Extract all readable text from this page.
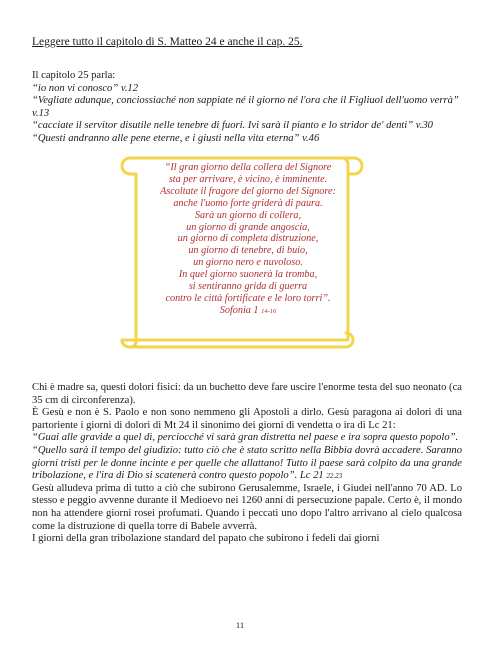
Leggere tutto il capitolo di S. Matteo 24 e anche il cap. 25.
Il capitolo 25 parla:
“io non vi conosco” v.12
“Vegliate adunque, conciossiaché non sappiate né il giorno né l'ora che il Figliuol dell'uomo verrà” v.13
“cacciate il servitor disutile nelle tenebre di fuori. Ivi sarà il pianto e lo stridor de' denti” v.30
“Questi andranno alle pene eterne, e i giusti nella vita eterna” v.46
“Il gran giorno della collera del Signore
sta per arrivare, è vicino, è imminente.
Ascoltate il fragore del giorno del Signore:
anche l'uomo forte griderà di paura.
Sarà un giorno di collera,
un giorno di grande angoscia,
un giorno di completa distruzione,
un giorno di tenebre, di buio,
un giorno nero e nuvoloso.
In quel giorno suonerà la tromba,
si sentiranno grida di guerra
contro le città fortificate e le loro torri”.
Sofonia 1 14-16
Chi è madre sa, questi dolori fisici: da un buchetto deve fare uscire l'enorme testa del suo neonato (ca 35 cm di circonferenza).
È Gesù e non è S. Paolo e non sono nemmeno gli Apostoli a dirlo. Gesù paragona ai dolori di una partoriente i giorni di dolori di Mt 24 il sinonimo dei giorni di vendetta o ira di Lc 21:
“Guai alle gravide a quel dì, perciocché vi sarà gran distretta nel paese e ira sopra questo popolo”.
“Quello sarà il tempo del giudizio: tutto ciò che è stato scritto nella Bibbia dovrà accadere. Saranno giorni tristi per le donne incinte e per quelle che allattano! Tutto il paese sarà colpito da una grande tribolazione, e l'ira di Dio si scatenerà contro questo popolo”. Lc 21 22.23
Gesù alludeva prima di tutto a ciò che subirono Gerusalemme, Israele, i Giudei nell'anno 70 AD. Lo stesso e peggio avvenne durante il Medioevo nei 1260 anni di persecuzione papale. Certo è, il mondo non ha attendere giorni rosei profumati. Quando i peccati uno dopo l'altro arrivano al cielo qualcosa come la distruzione di quella torre di Babele avverrà.
I giorni della gran tribolazione standard del papato che subirono i fedeli dai giorni
11
